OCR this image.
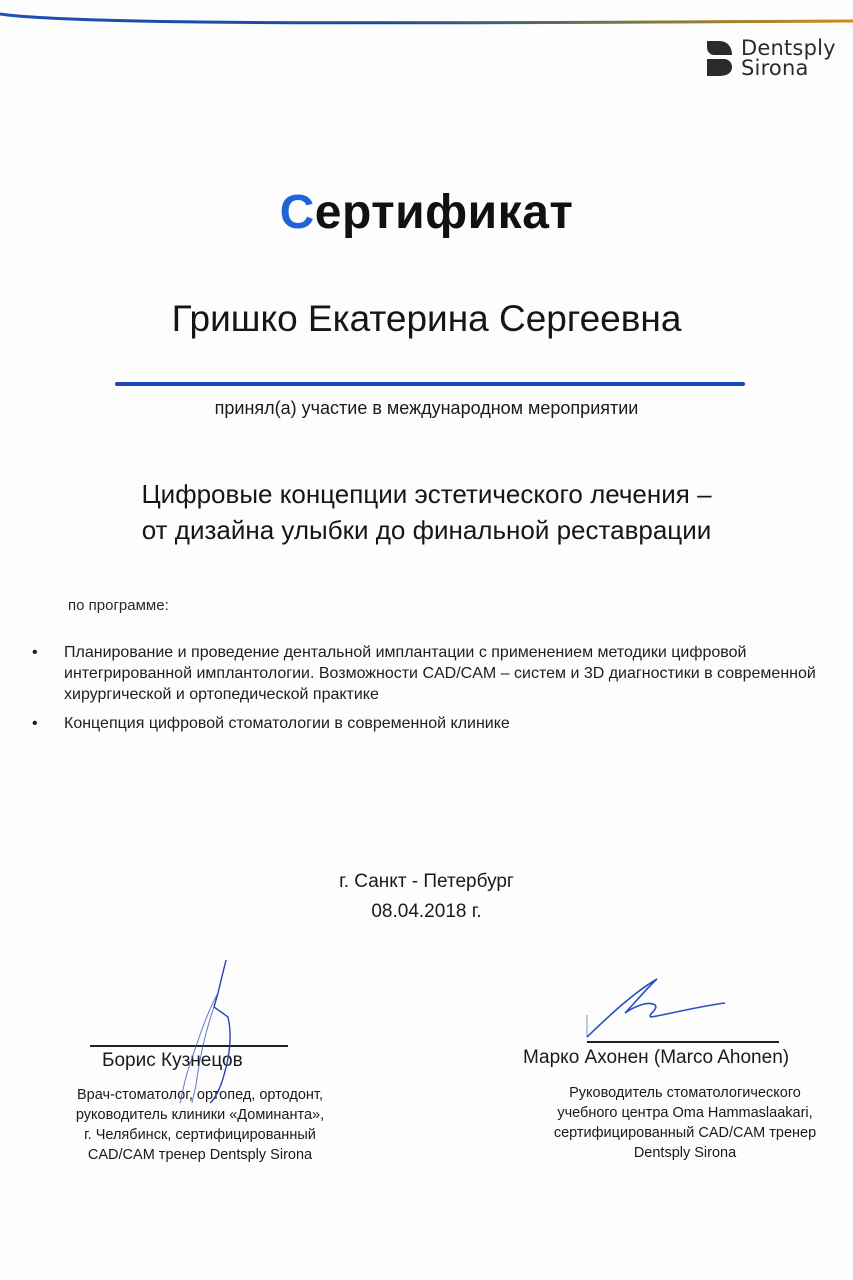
Dentsply
Sirona
Сертификат
Гришко Екатерина Сергеевна
принял(а) участие в международном мероприятии
Цифровые концепции эстетического лечения –
от дизайна улыбки до финальной реставрации
по программе:
• Планирование и проведение дентальной имплантации с применением методики цифровой интегрированной имплантологии. Возможности CAD/CAM – систем и 3D диагностики в современной хирургической и ортопедической практике
• Концепция цифровой стоматологии в современной клинике
г. Санкт - Петербург
08.04.2018 г.
Борис Кузнецов
Врач-стоматолог, ортопед, ортодонт,
руководитель клиники «Доминанта»,
г. Челябинск, сертифицированный
CAD/CAM тренер Dentsply Sirona
Марко Ахонен (Marco Ahonen)
Руководитель стоматологического
учебного центра Oma Hammaslaakari,
сертифицированный CAD/CAM тренер
Dentsply Sirona
